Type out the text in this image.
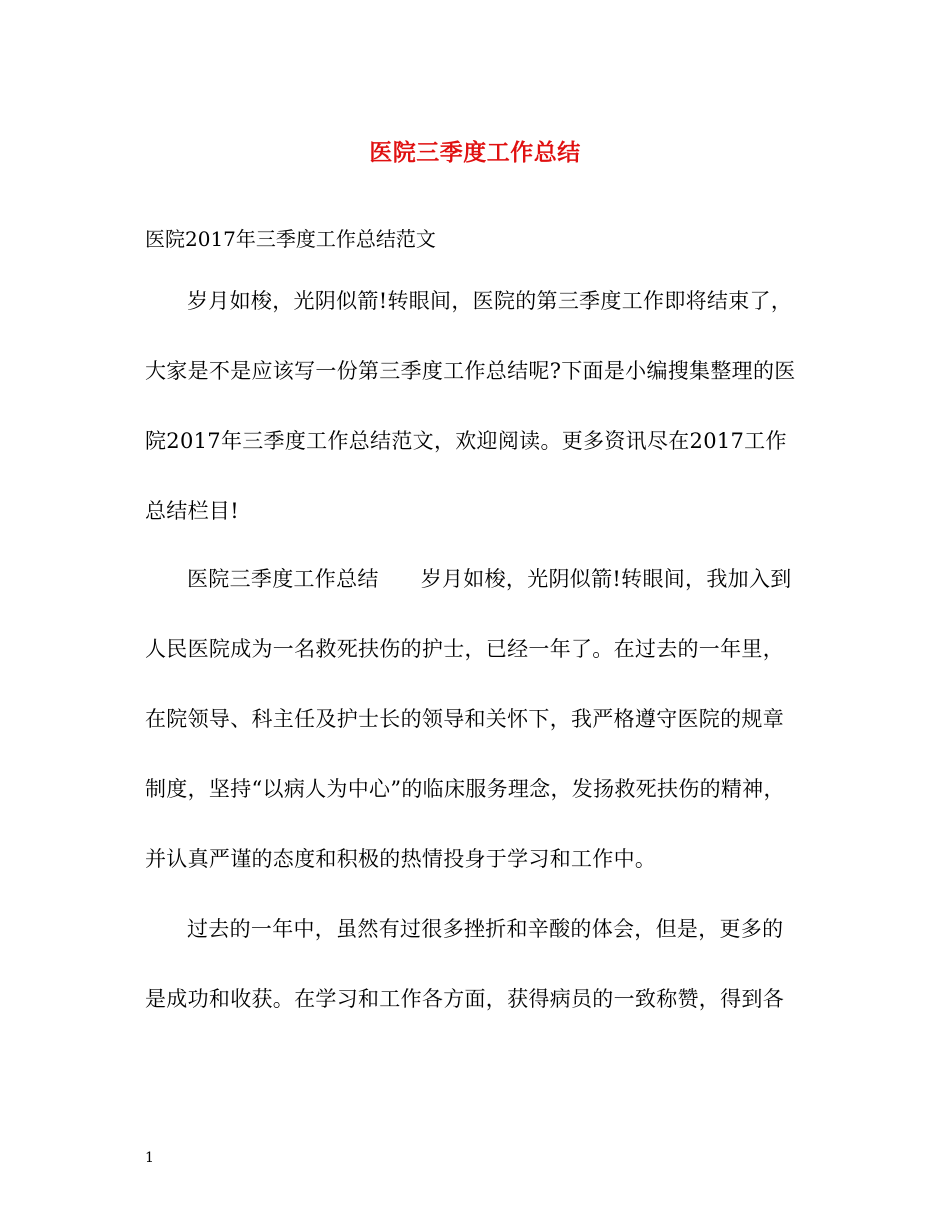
医院三季度工作总结
医院2017年三季度工作总结范文
岁月如梭，光阴似箭!转眼间，医院的第三季度工作即将结束了，
大家是不是应该写一份第三季度工作总结呢?下面是小编搜集整理的医
院2017年三季度工作总结范文，欢迎阅读。更多资讯尽在2017工作
总结栏目!
医院三季度工作总结 岁月如梭，光阴似箭!转眼间，我加入到
人民医院成为一名救死扶伤的护士，已经一年了。在过去的一年里，
在院领导、科主任及护士长的领导和关怀下，我严格遵守医院的规章
制度，坚持“以病人为中心”的临床服务理念，发扬救死扶伤的精神，
并认真严谨的态度和积极的热情投身于学习和工作中。
过去的一年中，虽然有过很多挫折和辛酸的体会，但是，更多的
是成功和收获。在学习和工作各方面，获得病员的一致称赞，得到各
1
